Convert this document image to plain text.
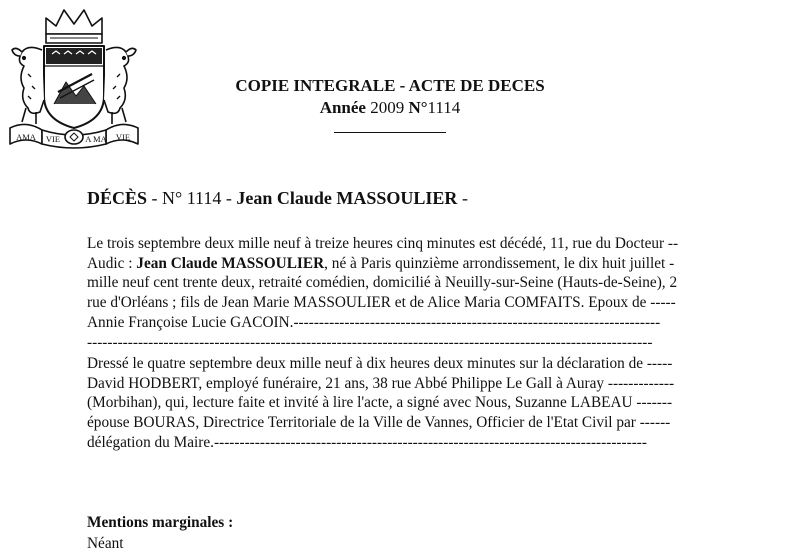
AMA VIE	A MA VIE
COPIE INTEGRALE - ACTE DE DECES
Année 2009 N°1114
DÉCÈS - N° 1114 - Jean Claude MASSOULIER -
Le trois septembre deux mille neuf à treize heures cinq minutes est décédé, 11, rue du Docteur --
Audic : Jean Claude MASSOULIER, né à Paris quinzième arrondissement, le dix huit juillet -
mille neuf cent trente deux, retraité comédien, domicilié à Neuilly-sur-Seine (Hauts-de-Seine), 2
rue d'Orléans ; fils de Jean Marie MASSOULIER et de Alice Maria COMFAITS. Epoux de -----
Annie Françoise Lucie GACOIN.------------------------------------------------------------------------
---------------------------------------------------------------------------------------------------------------
Dressé le quatre septembre deux mille neuf à dix heures deux minutes sur la déclaration de -----
David HODBERT, employé funéraire, 21 ans, 38 rue Abbé Philippe Le Gall à Auray -------------
(Morbihan), qui, lecture faite et invité à lire l'acte, a signé avec Nous, Suzanne LABEAU -------
épouse BOURAS, Directrice Territoriale de la Ville de Vannes, Officier de l'Etat Civil par ------
délégation du Maire.-------------------------------------------------------------------------------------
Mentions marginales :
Néant
